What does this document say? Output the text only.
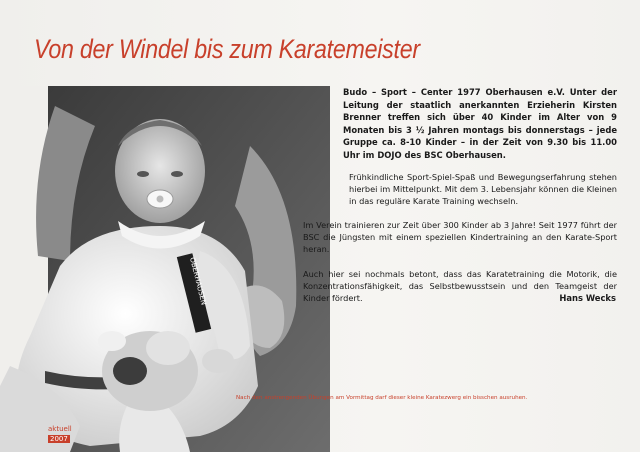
Von der Windel bis zum Karatemeister
OBERHAUSEN
Budo – Sport – Center 1977 Oberhausen e.V. Unter der Leitung der staatlich anerkannten Erzieherin Kirsten Brenner treffen sich über 40 Kinder im Alter von 9 Monaten bis 3 ½ Jahren montags bis donnerstags – jede Gruppe ca. 8-10 Kinder – in der Zeit von 9.30 bis 11.00 Uhr im DOJO des BSC Oberhausen.
Frühkindliche Sport-Spiel-Spaß und Bewegungserfahrung stehen hierbei im Mittelpunkt. Mit dem 3. Lebensjahr können die Kleinen in das reguläre Karate Training wechseln.
Im Verein trainieren zur Zeit über 300 Kinder ab 3 Jahre! Seit 1977 führt der BSC die Jüngsten mit einem speziellen Kindertraining an den Karate-Sport heran.
Auch hier sei nochmals betont, dass das Karatetraining die Motorik, die Konzentrationsfähigkeit, das Selbstbewusstsein und den Teamgeist der Kinder fördert.	Hans Wecks
Nach den anstrengenden Übungen am Vormittag darf dieser kleine Karatezwerg ein bisschen ausruhen.
aktuell
2007
